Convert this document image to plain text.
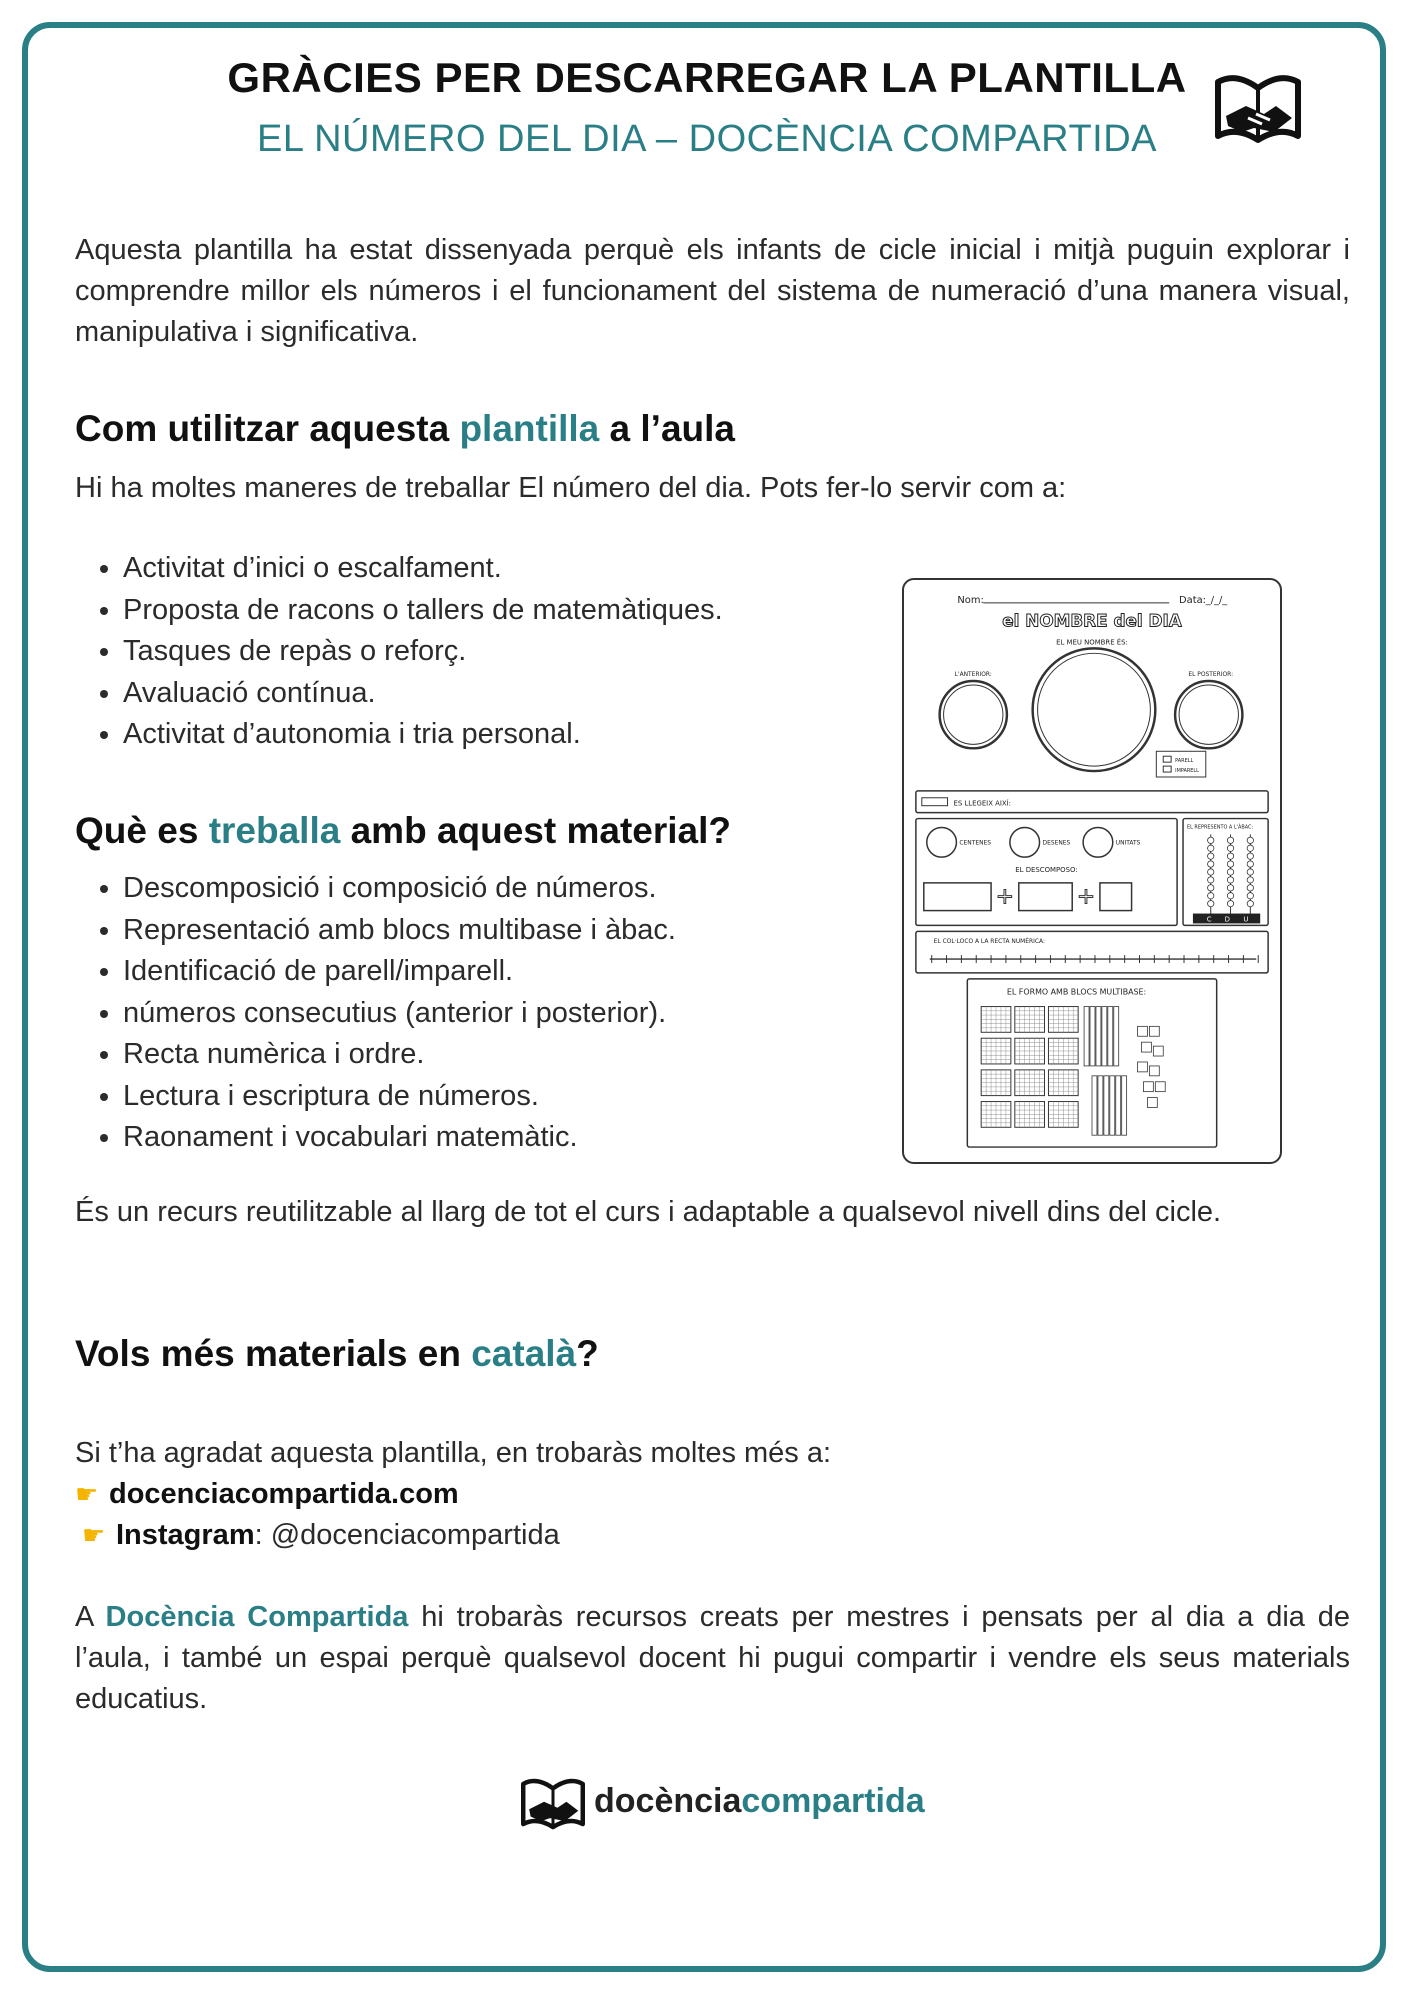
GRÀCIES PER DESCARREGAR LA PLANTILLA
EL NÚMERO DEL DIA – DOCÈNCIA COMPARTIDA
Aquesta plantilla ha estat dissenyada perquè els infants de cicle inicial i mitjà puguin explorar i comprendre millor els números i el funcionament del sistema de numeració d’una manera visual, manipulativa i significativa.
Com utilitzar aquesta plantilla a l’aula
Hi ha moltes maneres de treballar El número del dia. Pots fer-lo servir com a:
• Activitat d’inici o escalfament.
• Proposta de racons o tallers de matemàtiques.
• Tasques de repàs o reforç.
• Avaluació contínua.
• Activitat d’autonomia i tria personal.
Què es treballa amb aquest material?
• Descomposició i composició de números.
• Representació amb blocs multibase i àbac.
• Identificació de parell/imparell.
• números consecutius (anterior i posterior).
• Recta numèrica i ordre.
• Lectura i escriptura de números.
• Raonament i vocabulari matemàtic.
Nom:	Data: _/_/_
el NOMBRE del DIA
EL MEU NOMBRE ÉS:
L'ANTERIOR:	EL POSTERIOR:
PARELL
IMPARELL
ES LLEGEIX AIXÍ:
CENTENES	DESENES	UNITATS
EL DESCOMPOSO:
+	+
EL REPRESENTO A L'ÀBAC:
C D U
EL COL·LOCO A LA RECTA NUMÈRICA:
EL FORMO AMB BLOCS MULTIBASE:
És un recurs reutilitzable al llarg de tot el curs i adaptable a qualsevol nivell dins del cicle.
Vols més materials en català?
Si t’ha agradat aquesta plantilla, en trobaràs moltes més a:
☛ docenciacompartida.com
☛ Instagram: @docenciacompartida
A Docència Compartida hi trobaràs recursos creats per mestres i pensats per al dia a dia de l’aula, i també un espai perquè qualsevol docent hi pugui compartir i vendre els seus materials educatius.
docènciacompartida
